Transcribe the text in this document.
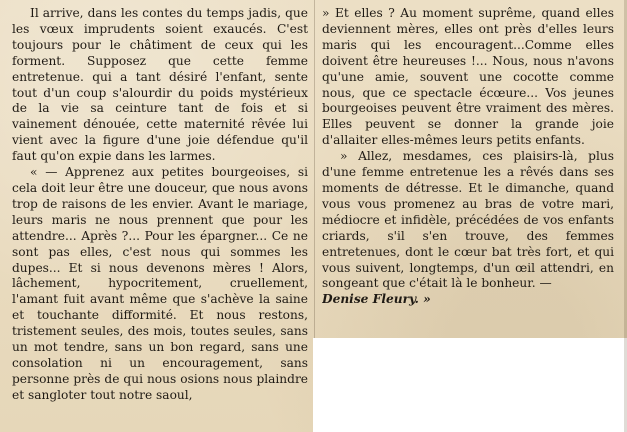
Il arrive, dans les contes du temps jadis, que les vœux imprudents soient exaucés. C'est toujours pour le châtiment de ceux qui les forment. Supposez que cette femme entretenue. qui a tant désiré l'enfant, sente tout d'un coup s'alourdir du poids mystérieux de la vie sa ceinture tant de fois et si vainement dénouée, cette maternité rêvée lui vient avec la figure d'une joie défendue qu'il faut qu'on expie dans les larmes.

« — Apprenez aux petites bourgeoises, si cela doit leur être une douceur, que nous avons trop de raisons de les envier. Avant le mariage, leurs maris ne nous prennent que pour les attendre... Après ?... Pour les épargner... Ce ne sont pas elles, c'est nous qui sommes les dupes... Et si nous devenons mères ! Alors, lâchement, hypocritement, cruellement, l'amant fuit avant même que s'achève la saine et touchante difformité. Et nous restons, tristement seules, des mois, toutes seules, sans un mot tendre, sans un bon regard, sans une consolation ni un encouragement, sans personne près de qui nous osions nous plaindre et sangloter tout notre saoul,

» Et elles ? Au moment suprême, quand elles deviennent mères, elles ont près d'elles leurs maris qui les encouragent...Comme elles doivent être heureuses !... Nous, nous n'avons qu'une amie, souvent une cocotte comme nous, que ce spectacle écœure... Vos jeunes bourgeoises peuvent être vraiment des mères. Elles peuvent se donner la grande joie d'allaiter elles-mêmes leurs petits enfants.

» Allez, mesdames, ces plaisirs-là, plus d'une femme entretenue les a rêvés dans ses moments de détresse. Et le dimanche, quand vous vous promenez au bras de votre mari, médiocre et infidèle, précédées de vos enfants criards, s'il s'en trouve, des femmes entretenues, dont le cœur bat très fort, et qui vous suivent, longtemps, d'un œil attendri, en songeant que c'était là le bonheur. —

Denise Fleury. »
